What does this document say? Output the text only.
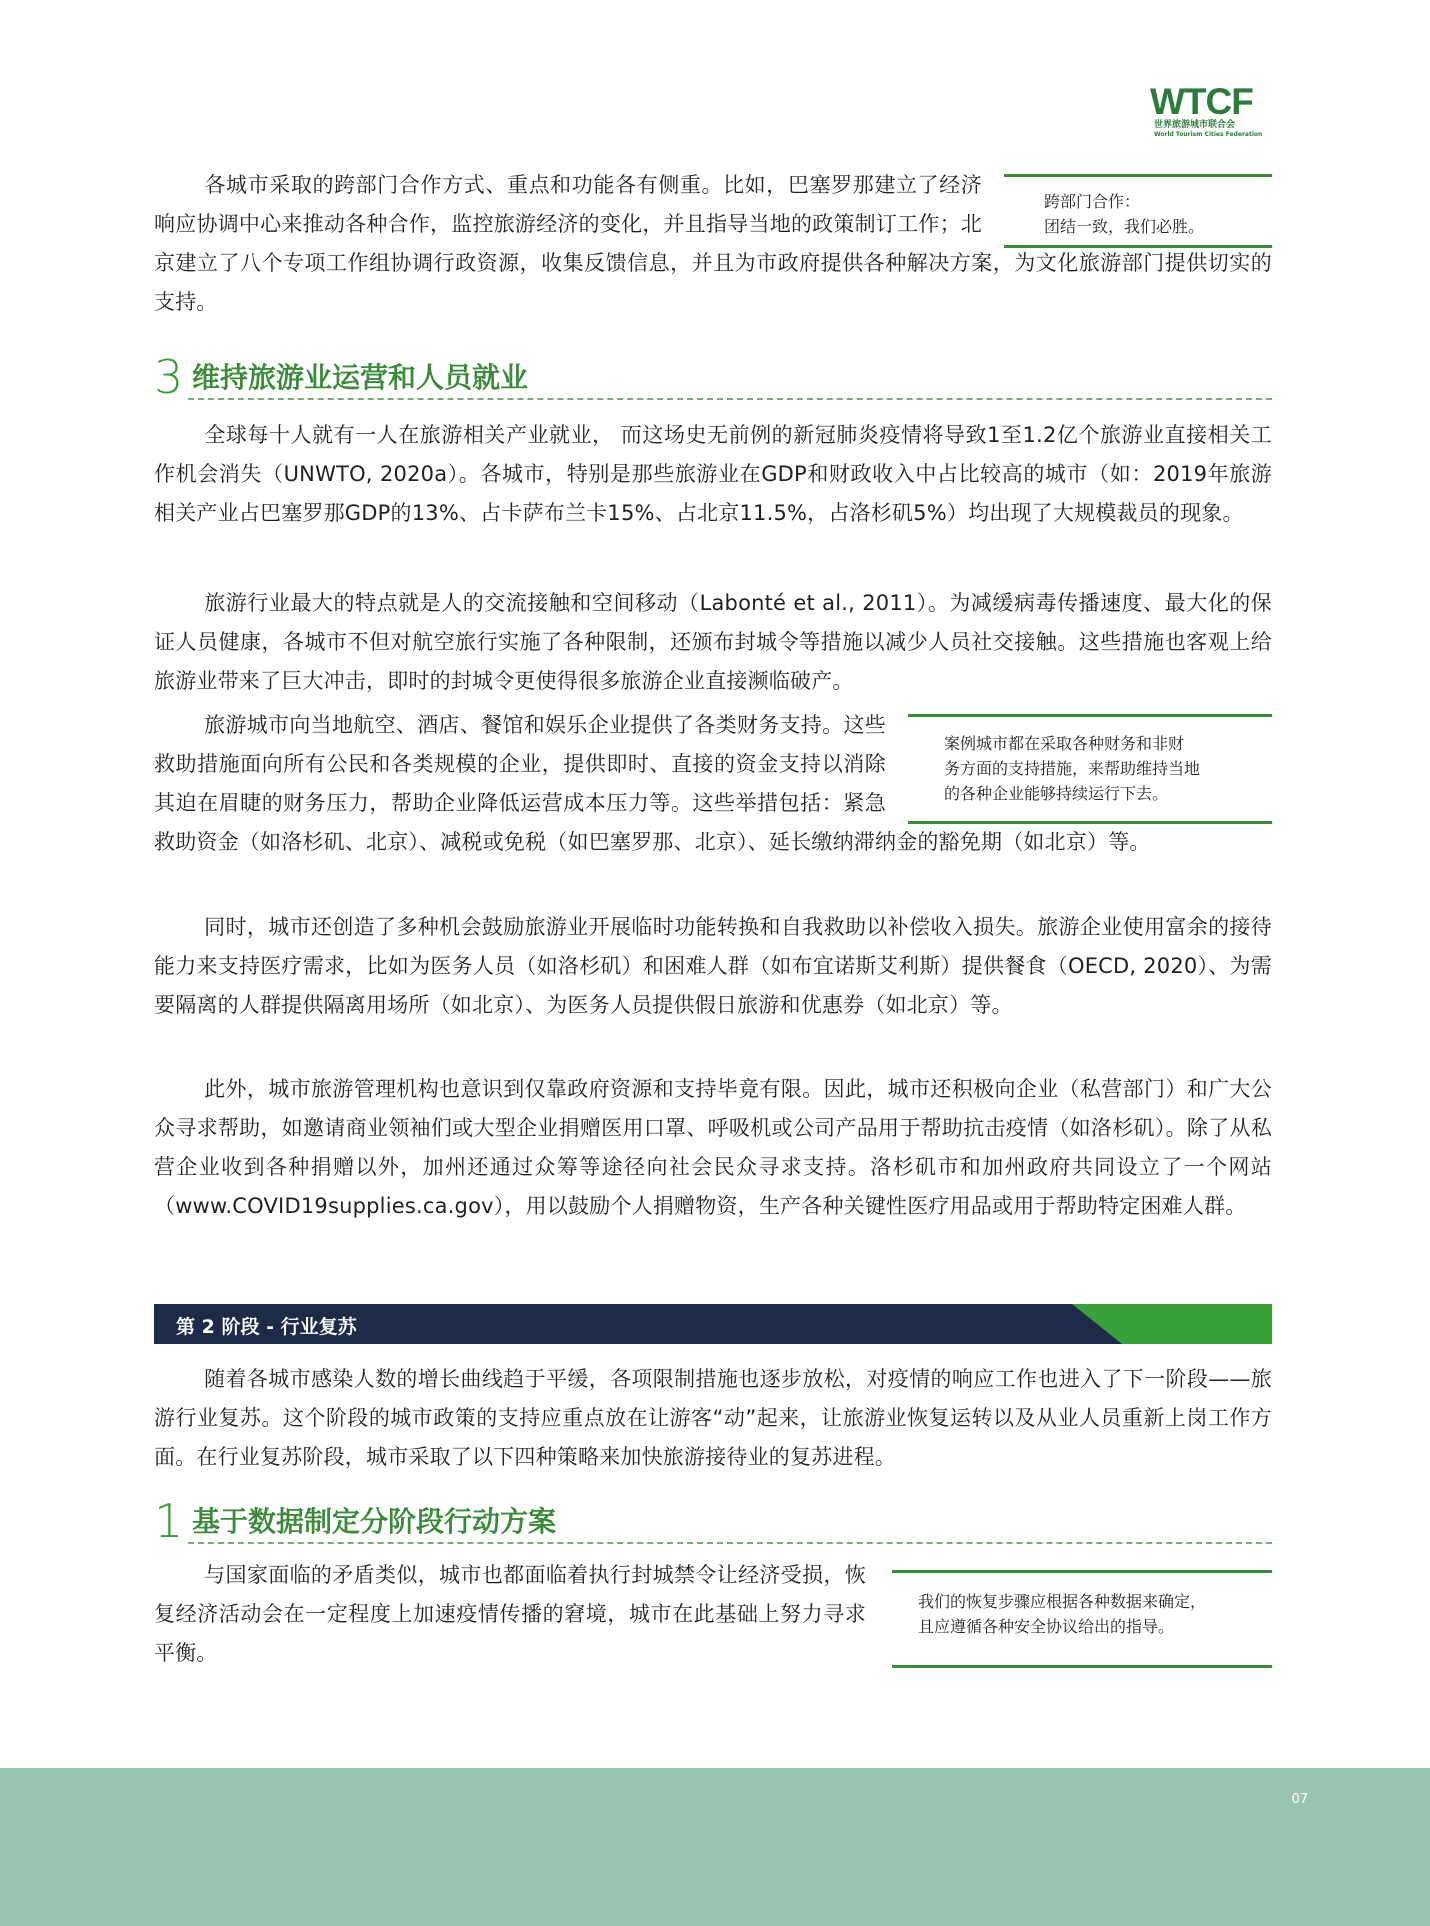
WTCF
世界旅游城市联合会
World Tourism Cities Federation
跨部门合作：
团结一致，我们必胜。
各城市采取的跨部门合作方式、重点和功能各有侧重。比如，巴塞罗那建立了经济响应协调中心来推动各种合作，监控旅游经济的变化，并且指导当地的政策制订工作；北京建立了八个专项工作组协调行政资源，收集反馈信息，并且为市政府提供各种解决方案，为文化旅游部门提供切实的支持。
3 维持旅游业运营和人员就业
全球每十人就有一人在旅游相关产业就业， 而这场史无前例的新冠肺炎疫情将导致1至1.2亿个旅游业直接相关工作机会消失（UNWTO, 2020a）。各城市，特别是那些旅游业在GDP和财政收入中占比较高的城市（如：2019年旅游相关产业占巴塞罗那GDP的13%、占卡萨布兰卡15%、占北京11.5%，占洛杉矶5%）均出现了大规模裁员的现象。
旅游行业最大的特点就是人的交流接触和空间移动（Labonté et al., 2011）。为减缓病毒传播速度、最大化的保证人员健康，各城市不但对航空旅行实施了各种限制，还颁布封城令等措施以减少人员社交接触。这些措施也客观上给旅游业带来了巨大冲击，即时的封城令更使得很多旅游企业直接濒临破产。
案例城市都在采取各种财务和非财
务方面的支持措施，来帮助维持当地
的各种企业能够持续运行下去。
旅游城市向当地航空、酒店、餐馆和娱乐企业提供了各类财务支持。这些救助措施面向所有公民和各类规模的企业，提供即时、直接的资金支持以消除其迫在眉睫的财务压力，帮助企业降低运营成本压力等。这些举措包括：紧急救助资金（如洛杉矶、北京）、减税或免税（如巴塞罗那、北京）、延长缴纳滞纳金的豁免期（如北京）等。
同时，城市还创造了多种机会鼓励旅游业开展临时功能转换和自我救助以补偿收入损失。旅游企业使用富余的接待能力来支持医疗需求，比如为医务人员（如洛杉矶）和困难人群（如布宜诺斯艾利斯）提供餐食（OECD, 2020）、为需要隔离的人群提供隔离用场所（如北京）、为医务人员提供假日旅游和优惠券（如北京）等。
此外，城市旅游管理机构也意识到仅靠政府资源和支持毕竟有限。因此，城市还积极向企业（私营部门）和广大公众寻求帮助，如邀请商业领袖们或大型企业捐赠医用口罩、呼吸机或公司产品用于帮助抗击疫情（如洛杉矶）。除了从私营企业收到各种捐赠以外，加州还通过众筹等途径向社会民众寻求支持。洛杉矶市和加州政府共同设立了一个网站（www.COVID19supplies.ca.gov），用以鼓励个人捐赠物资，生产各种关键性医疗用品或用于帮助特定困难人群。
第 2 阶段 - 行业复苏
随着各城市感染人数的增长曲线趋于平缓，各项限制措施也逐步放松，对疫情的响应工作也进入了下一阶段——旅游行业复苏。这个阶段的城市政策的支持应重点放在让游客“动”起来，让旅游业恢复运转以及从业人员重新上岗工作方面。在行业复苏阶段，城市采取了以下四种策略来加快旅游接待业的复苏进程。
1 基于数据制定分阶段行动方案
我们的恢复步骤应根据各种数据来确定，
且应遵循各种安全协议给出的指导。
与国家面临的矛盾类似，城市也都面临着执行封城禁令让经济受损，恢复经济活动会在一定程度上加速疫情传播的窘境，城市在此基础上努力寻求平衡。
07
